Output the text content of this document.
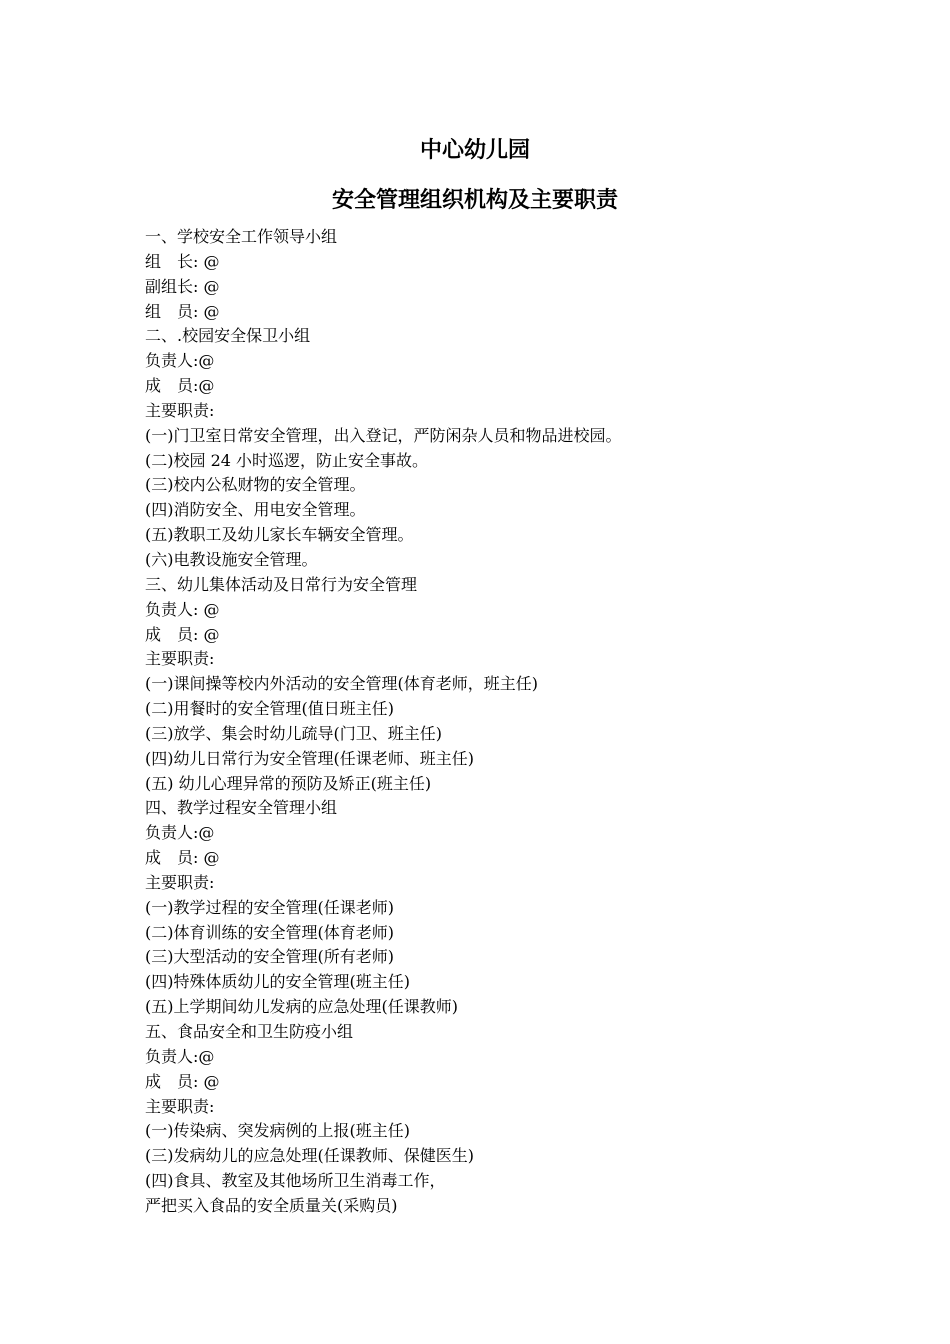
中心幼儿园
安全管理组织机构及主要职责
一、学校安全工作领导小组
组　长: @
副组长: @
组　员: @
二、.校园安全保卫小组
负责人:@
成　员:@
主要职责:
(一)门卫室日常安全管理，出入登记，严防闲杂人员和物品进校园。
(二)校园 24 小时巡逻，防止安全事故。
(三)校内公私财物的安全管理。
(四)消防安全、用电安全管理。
(五)教职工及幼儿家长车辆安全管理。
(六)电教设施安全管理。
三、幼儿集体活动及日常行为安全管理
负责人: @
成　员: @
主要职责:
(一)课间操等校内外活动的安全管理(体育老师，班主任)
(二)用餐时的安全管理(值日班主任)
(三)放学、集会时幼儿疏导(门卫、班主任)
(四)幼儿日常行为安全管理(任课老师、班主任)
(五) 幼儿心理异常的预防及矫正(班主任)
四、教学过程安全管理小组
负责人:@
成　员: @
主要职责:
(一)教学过程的安全管理(任课老师)
(二)体育训练的安全管理(体育老师)
(三)大型活动的安全管理(所有老师)
(四)特殊体质幼儿的安全管理(班主任)
(五)上学期间幼儿发病的应急处理(任课教师)
五、食品安全和卫生防疫小组
负责人:@
成　员: @
主要职责:
(一)传染病、突发病例的上报(班主任)
(三)发病幼儿的应急处理(任课教师、保健医生)
(四)食具、教室及其他场所卫生消毒工作，
严把买入食品的安全质量关(采购员)
